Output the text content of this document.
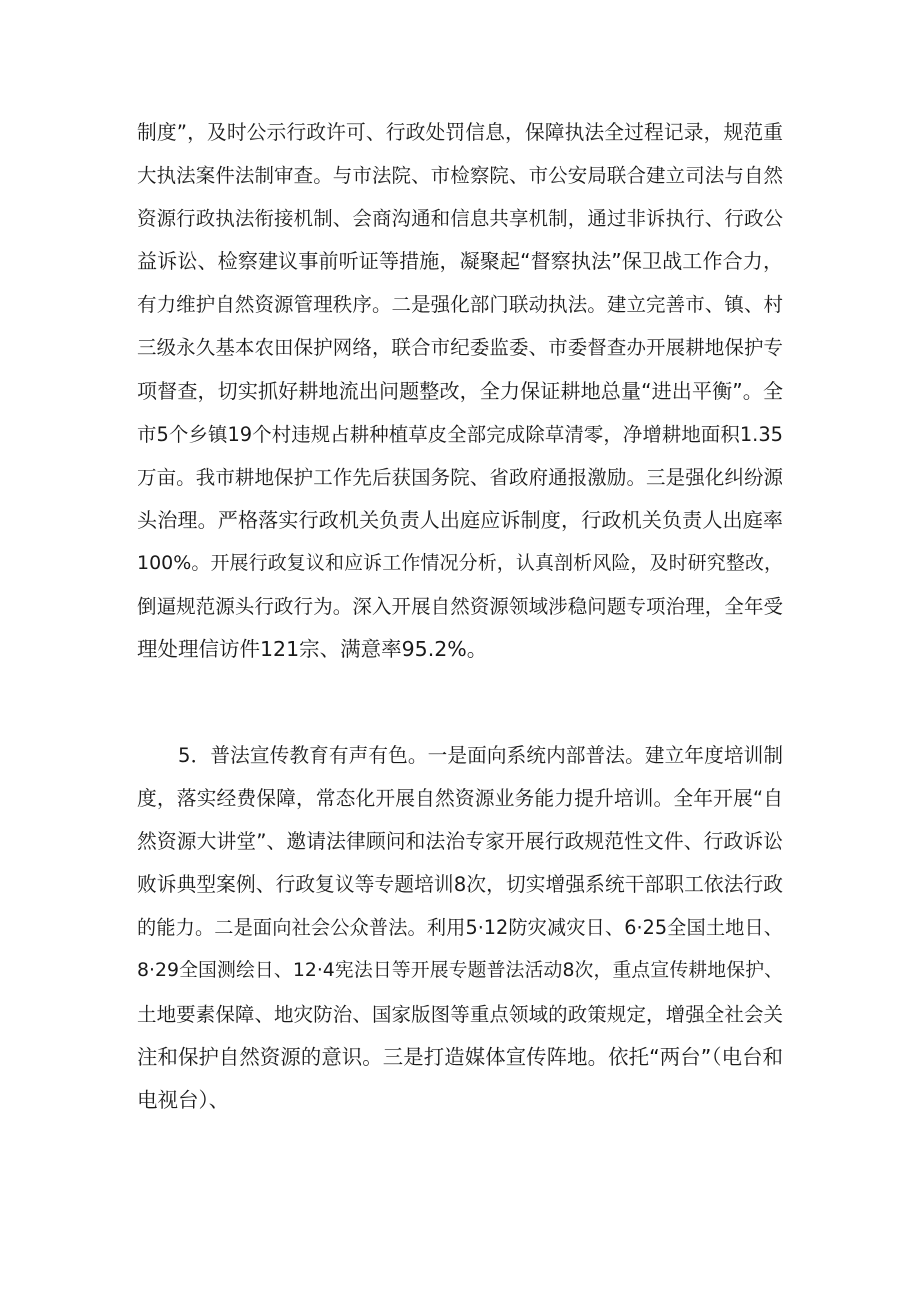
制度”，及时公示行政许可、行政处罚信息，保障执法全过程记录，规范重
大执法案件法制审查。与市法院、市检察院、市公安局联合建立司法与自然
资源行政执法衔接机制、会商沟通和信息共享机制，通过非诉执行、行政公
益诉讼、检察建议事前听证等措施，凝聚起“督察执法”保卫战工作合力，
有力维护自然资源管理秩序。二是强化部门联动执法。建立完善市、镇、村
三级永久基本农田保护网络，联合市纪委监委、市委督查办开展耕地保护专
项督查，切实抓好耕地流出问题整改，全力保证耕地总量“进出平衡”。全
市5个乡镇19个村违规占耕种植草皮全部完成除草清零，净增耕地面积1.35
万亩。我市耕地保护工作先后获国务院、省政府通报激励。三是强化纠纷源
头治理。严格落实行政机关负责人出庭应诉制度，行政机关负责人出庭率
100%。开展行政复议和应诉工作情况分析，认真剖析风险，及时研究整改，
倒逼规范源头行政行为。深入开展自然资源领域涉稳问题专项治理，全年受
理处理信访件121宗、满意率95.2%。
5．普法宣传教育有声有色。一是面向系统内部普法。建立年度培训制
度，落实经费保障，常态化开展自然资源业务能力提升培训。全年开展“自
然资源大讲堂”、邀请法律顾问和法治专家开展行政规范性文件、行政诉讼
败诉典型案例、行政复议等专题培训8次，切实增强系统干部职工依法行政
的能力。二是面向社会公众普法。利用5·12防灾减灾日、6·25全国土地日、
8·29全国测绘日、12·4宪法日等开展专题普法活动8次，重点宣传耕地保护、
土地要素保障、地灾防治、国家版图等重点领域的政策规定，增强全社会关
注和保护自然资源的意识。三是打造媒体宣传阵地。依托“两台”（电台和
电视台）、
